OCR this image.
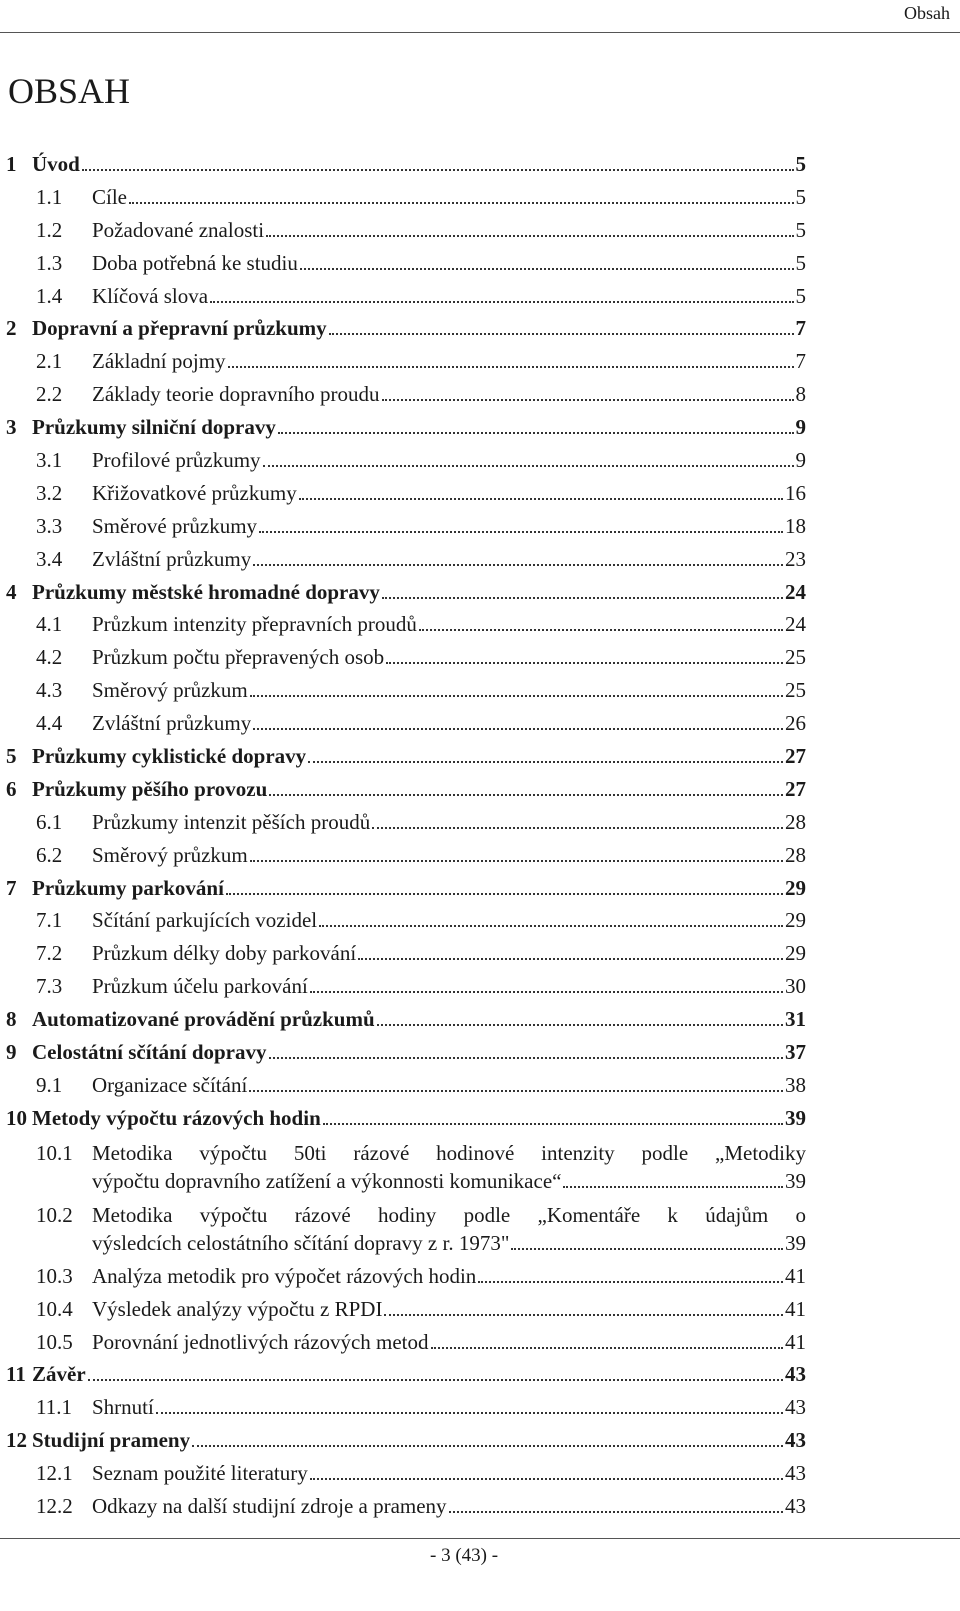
Obsah
OBSAH
1 Úvod	5
1.1	Cíle	5
1.2	Požadované znalosti	5
1.3	Doba potřebná ke studiu	5
1.4	Klíčová slova	5
2 Dopravní a přepravní průzkumy	7
2.1	Základní pojmy	7
2.2	Základy teorie dopravního proudu	8
3 Průzkumy silniční dopravy	9
3.1	Profilové průzkumy	9
3.2	Křižovatkové průzkumy	16
3.3	Směrové průzkumy	18
3.4	Zvláštní průzkumy	23
4 Průzkumy městské hromadné dopravy	24
4.1	Průzkum intenzity přepravních proudů	24
4.2	Průzkum počtu přepravených osob	25
4.3	Směrový průzkum	25
4.4	Zvláštní průzkumy	26
5 Průzkumy cyklistické dopravy	27
6 Průzkumy pěšího provozu	27
6.1	Průzkumy intenzit pěších proudů	28
6.2	Směrový průzkum	28
7 Průzkumy parkování	29
7.1	Sčítání parkujících vozidel	29
7.2	Průzkum délky doby parkování	29
7.3	Průzkum účelu parkování	30
8 Automatizované provádění průzkumů	31
9 Celostátní sčítání dopravy	37
9.1	Organizace sčítání	38
10 Metody výpočtu rázových hodin	39
10.1 Metodika výpočtu 50ti rázové hodinové intenzity podle „Metodiky
výpočtu dopravního zatížení a výkonnosti komunikace“	39
10.2 Metodika výpočtu rázové hodiny podle „Komentáře k údajům o
výsledcích celostátního sčítání dopravy z r. 1973"	39
10.3 Analýza metodik pro výpočet rázových hodin	41
10.4 Výsledek analýzy výpočtu z RPDI	41
10.5 Porovnání jednotlivých rázových metod	41
11 Závěr	43
11.1 Shrnutí	43
12 Studijní prameny	43
12.1 Seznam použité literatury	43
12.2 Odkazy na další studijní zdroje a prameny	43
- 3 (43) -
